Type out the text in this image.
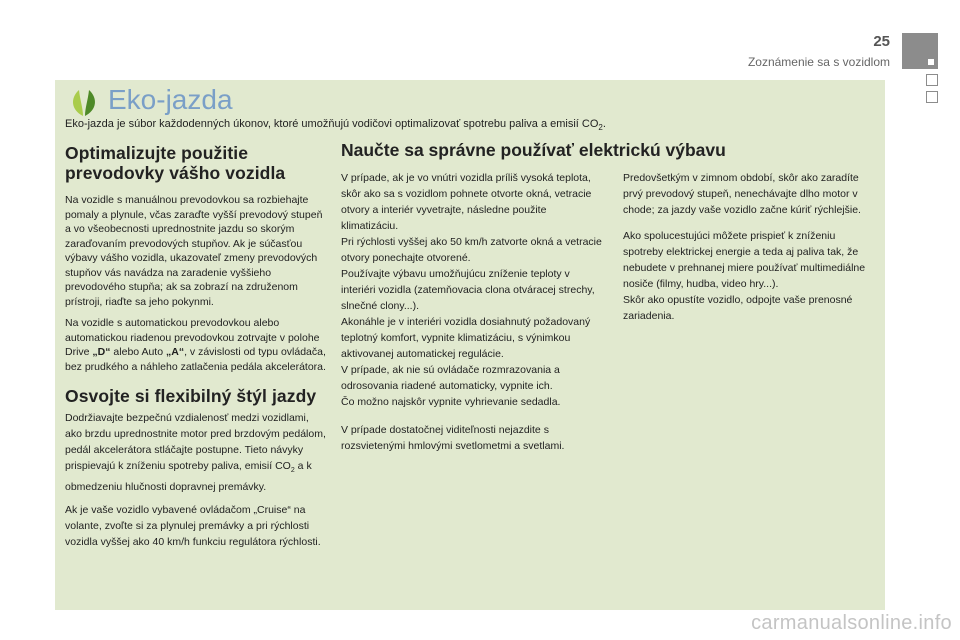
25
Zoznámenie sa s vozidlom
Eko-jazda
Eko-jazda je súbor každodenných úkonov, ktoré umožňujú vodičovi optimalizovať spotrebu paliva a emisií $CO_2$.
Optimalizujte použitie prevodovky vášho vozidla

Na vozidle s manuálnou prevodovkou sa rozbiehajte pomaly a plynule, včas zaraďte vyšší prevodový stupeň a vo všeobecnosti uprednostnite jazdu so skorým zaraďovaním prevodových stupňov. Ak je súčasťou výbavy vášho vozidla, ukazovateľ zmeny prevodových stupňov vás navádza na zaradenie vyššieho prevodového stupňa; ak sa zobrazí na združenom prístroji, riaďte sa jeho pokynmi.

Na vozidle s automatickou prevodovkou alebo automatickou riadenou prevodovkou zotrvajte v polohe Drive „D“ alebo Auto „A“, v závislosti od typu ovládača, bez prudkého a náhleho zatlačenia pedála akcelerátora.

Osvojte si flexibilný štýl jazdy

Dodržiavajte bezpečnú vzdialenosť medzi vozidlami, ako brzdu uprednostnite motor pred brzdovým pedálom, pedál akcelerátora stláčajte postupne. Tieto návyky prispievajú k zníženiu spotreby paliva, emisií $CO_2$ a k obmedzeniu hlučnosti dopravnej premávky.

Ak je vaše vozidlo vybavené ovládačom „Cruise“ na volante, zvoľte si za plynulej premávky a pri rýchlosti vozidla vyššej ako 40 km/h funkciu regulátora rýchlosti.

Naučte sa správne používať elektrickú výbavu

V prípade, ak je vo vnútri vozidla príliš vysoká teplota, skôr ako sa s vozidlom pohnete otvorte okná, vetracie otvory a interiér vyvetrajte, následne použite klimatizáciu.
Pri rýchlosti vyššej ako 50 km/h zatvorte okná a vetracie otvory ponechajte otvorené.
Používajte výbavu umožňujúcu zníženie teploty v interiéri vozidla (zatemňovacia clona otváracej strechy, slnečné clony...).
Akonáhle je v interiéri vozidla dosiahnutý požadovaný teplotný komfort, vypnite klimatizáciu, s výnimkou aktivovanej automatickej regulácie.
V prípade, ak nie sú ovládače rozmrazovania a odrosovania riadené automaticky, vypnite ich.
Čo možno najskôr vypnite vyhrievanie sedadla.

V prípade dostatočnej viditeľnosti nejazdite s rozsvietenými hmlovými svetlometmi a svetlami.

Predovšetkým v zimnom období, skôr ako zaradíte prvý prevodový stupeň, nenechávajte dlho motor v chode; za jazdy vaše vozidlo začne kúriť rýchlejšie.

Ako spolucestujúci môžete prispieť k zníženiu spotreby elektrickej energie a teda aj paliva tak, že nebudete v prehnanej miere používať multimediálne nosiče (filmy, hudba, video hry...).
Skôr ako opustíte vozidlo, odpojte vaše prenosné zariadenia.

carmanualsonline.info
